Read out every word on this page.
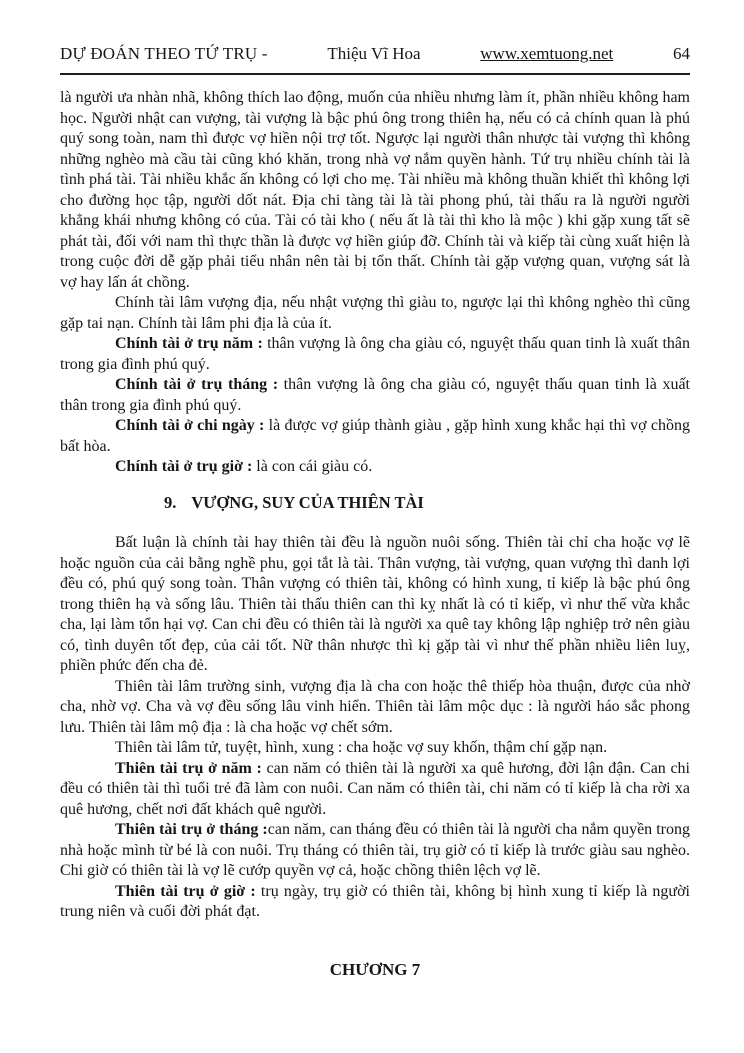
DỰ ĐOÁN THEO TỨ TRỤ -	Thiệu Vĩ Hoa	www.xemtuong.net	64

là người ưa nhàn nhã, không thích lao động, muốn của nhiều nhưng làm ít, phần nhiều không ham học. Người nhật can vượng, tài vượng là bậc phú ông trong thiên hạ, nếu có cả chính quan là phú quý song toàn, nam thì được vợ hiền nội trợ tốt. Ngược lại người thân nhược tài vượng thì không những nghèo mà cầu tài cũng khó khăn, trong nhà vợ nắm quyền hành. Tứ trụ nhiều chính tài là tình phá tài. Tài nhiều khắc ấn không có lợi cho mẹ. Tài nhiều mà không thuần khiết thì không lợi cho đường học tập, người dốt nát. Địa chi tàng tài là tài phong phú, tài thấu ra là người người khẳng khái nhưng không có của. Tài có tài kho ( nếu ất là tài thì kho là mộc ) khi gặp xung tất sẽ phát tài, đối với nam thì thực thần là được vợ hiền giúp đỡ. Chính tài và kiếp tài cùng xuất hiện là trong cuộc đời dễ gặp phải tiểu nhân nên tài bị tổn thất. Chính tài gặp vượng quan, vượng sát là vợ hay lấn át chồng.

Chính tài lâm vượng địa, nếu nhật vượng thì giàu to, ngược lại thì không nghèo thì cũng gặp tai nạn. Chính tài lâm phi địa là của ít.

Chính tài ở trụ năm : thân vượng là ông cha giàu có, nguyệt thấu quan tinh là xuất thân trong gia đình phú quý.

Chính tài ở trụ tháng : thân vượng là ông cha giàu có, nguyệt thấu quan tinh là xuất thân trong gia đình phú quý.

Chính tài ở chi ngày : là được vợ giúp thành giàu , gặp hình xung khắc hại thì vợ chồng bất hòa.

Chính tài ở trụ giờ : là con cái giàu có.

9. VƯỢNG, SUY CỦA THIÊN TÀI

Bất luận là chính tài hay thiên tài đều là nguồn nuôi sống. Thiên tài chỉ cha hoặc vợ lẽ hoặc nguồn của cải bằng nghề phu, gọi tắt là tài. Thân vượng, tài vượng, quan vượng thì danh lợi đều có, phú quý song toàn. Thân vượng có thiên tài, không có hình xung, tỉ kiếp là bậc phú ông trong thiên hạ và sống lâu. Thiên tài thấu thiên can thì kỵ nhất là có tỉ kiếp, vì như thế vừa khắc cha, lại làm tổn hại vợ. Can chi đều có thiên tài là người xa quê tay không lập nghiệp trở nên giàu có, tình duyên tốt đẹp, của cải tốt. Nữ thân nhược thì kị gặp tài vì như thế phần nhiều liên luỵ, phiền phức đến cha đẻ.

Thiên tài lâm trường sinh, vượng địa là cha con hoặc thê thiếp hòa thuận, được của nhờ cha, nhờ vợ. Cha và vợ đều sống lâu vinh hiển. Thiên tài lâm mộc dục : là người háo sắc phong lưu. Thiên tài lâm mộ địa : là cha hoặc vợ chết sớm.

Thiên tài lâm tử, tuyệt, hình, xung : cha hoặc vợ suy khốn, thậm chí gặp nạn.

Thiên tài trụ ở năm : can năm có thiên tài là người xa quê hương, đời lận đận. Can chi đều có thiên tài thì tuổi trẻ đã làm con nuôi. Can năm có thiên tài, chi năm có tỉ kiếp là cha rời xa quê hương, chết nơi đất khách quê người.

Thiên tài trụ ở tháng :can năm, can tháng đều có thiên tài là người cha nắm quyền trong nhà hoặc mình từ bé là con nuôi. Trụ tháng có thiên tài, trụ giờ có tỉ kiếp là trước giàu sau nghèo. Chi giờ có thiên tài là vợ lẽ cướp quyền vợ cả, hoặc chồng thiên lệch vợ lẽ.

Thiên tài trụ ở giờ : trụ ngày, trụ giờ có thiên tài, không bị hình xung tỉ kiếp là người trung niên và cuối đời phát đạt.

CHƯƠNG 7
